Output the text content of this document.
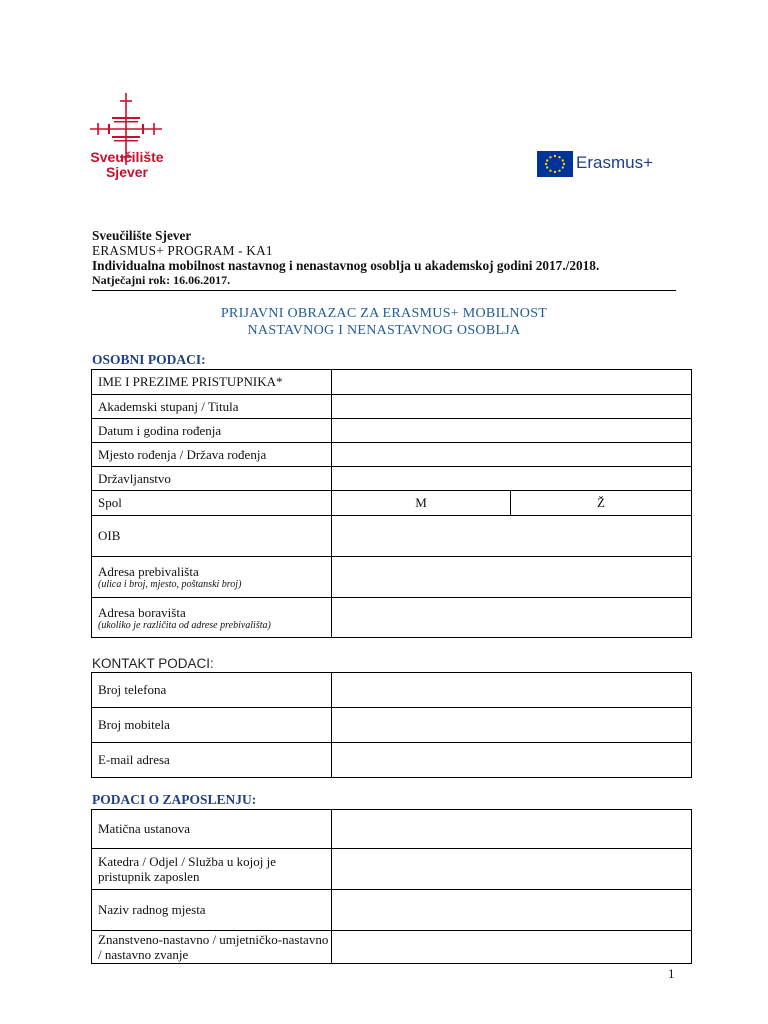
Sveučilište
Sjever	Erasmus+
Sveučilište Sjever
ERASMUS+ PROGRAM - KA1
Individualna mobilnost nastavnog i nenastavnog osoblja u akademskoj godini 2017./2018.
Natječajni rok: 16.06.2017.
PRIJAVNI OBRAZAC ZA ERASMUS+ MOBILNOST
NASTAVNOG I NENASTAVNOG OSOBLJA
OSOBNI PODACI:
IME I PREZIME PRISTUPNIKA*		
Akademski stupanj / Titula		
Datum i godina rođenja		
Mjesto rođenja / Država rođenja		
Državljanstvo		
Spol	M	Ž
OIB		

Adresa prebivališta
(ulica i broj, mjesto, poštanski broj)		

Adresa boravišta
(ukoliko je različita od adrese prebivališta)		

KONTAKT PODACI:
Broj telefona	
Broj mobitela	
E-mail adresa	
PODACI O ZAPOSLENJU:
Matična ustanova	

Katedra / Odjel / Služba u kojoj je pristupnik zaposlen	

Naziv radnog mjesta	

Znanstveno-nastavno / umjetničko-nastavno / nastavno zvanje	

1
